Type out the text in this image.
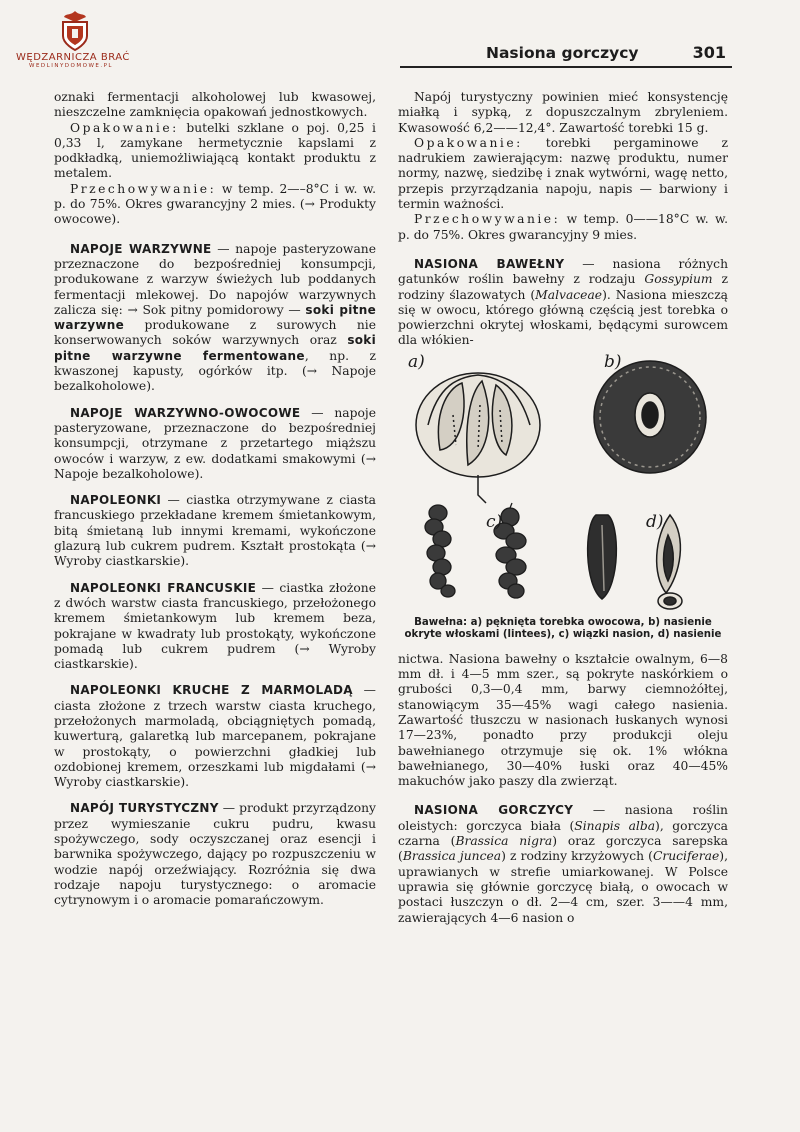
WĘDZARNICZA BRAĆ
WEDLINYDOMOWE.PL
Nasiona gorczycy	301

oznaki fermentacji alkoholowej lub kwasowej, nieszczelne zamknięcia opakowań jednostkowych.

Opakowanie: butelki szklane o poj. 0,25 i 0,33 l, zamykane hermetycznie kapslami z podkładką, uniemożliwiającą kontakt produktu z metalem.

Przechowywanie: w temp. 2—–8°C i w. w. p. do 75%. Okres gwarancyjny 2 mies. (→ Produkty owocowe).

NAPOJE WARZYWNE — napoje pasteryzowane przeznaczone do bezpośredniej konsumpcji, produkowane z warzyw świeżych lub poddanych fermentacji mlekowej. Do napojów warzywnych zalicza się: → Sok pitny pomidorowy — soki pitne warzywne produkowane z surowych nie konserwowanych soków warzywnych oraz soki pitne warzywne fermentowane, np. z kwaszonej kapusty, ogórków itp. (→ Napoje bezalkoholowe).

NAPOJE WARZYWNO-OWOCOWE — napoje pasteryzowane, przeznaczone do bezpośredniej konsumpcji, otrzymane z przetartego miąższu owoców i warzyw, z ew. dodatkami smakowymi (→ Napoje bezalkoholowe).

NAPOLEONKI — ciastka otrzymywane z ciasta francuskiego przekładane kremem śmietankowym, bitą śmietaną lub innymi kremami, wykończone glazurą lub cukrem pudrem. Kształt prostokąta (→ Wyroby ciastkarskie).

NAPOLEONKI FRANCUSKIE — ciastka złożone z dwóch warstw ciasta francuskiego, przełożonego kremem śmietankowym lub kremem beza, pokrajane w kwadraty lub prostokąty, wykończone pomadą lub cukrem pudrem (→ Wyroby ciastkarskie).

NAPOLEONKI KRUCHE Z MARMOLADĄ — ciasta złożone z trzech warstw ciasta kruchego, przełożonych marmoladą, obciągniętych pomadą, kuwerturą, galaretką lub marcepanem, pokrajane w prostokąty, o powierzchni gładkiej lub ozdobionej kremem, orzeszkami lub migdałami (→ Wyroby ciastkarskie).

NAPÓJ TURYSTYCZNY — produkt przyrządzony przez wymieszanie cukru pudru, kwasu spożywczego, sody oczyszczanej oraz esencji i barwnika spożywczego, dający po rozpuszczeniu w wodzie napój orzeźwiający. Rozróżnia się dwa rodzaje napoju turystycznego: o aromacie cytrynowym i o aromacie pomarańczowym.

Napój turystyczny powinien mieć konsystencję miałką i sypką, z dopuszczalnym zbryleniem. Kwasowość 6,2——12,4°. Zawartość torebki 15 g.

Opakowanie: torebki pergaminowe z nadrukiem zawierającym: nazwę produktu, numer normy, nazwę, siedzibę i znak wytwórni, wagę netto, przepis przyrządzania napoju, napis — barwiony i termin ważności.

Przechowywanie: w temp. 0——18°C w. w. p. do 75%. Okres gwarancyjny 9 mies.

NASIONA BAWEŁNY — nasiona różnych gatunków roślin bawełny z rodzaju Gossypium z rodziny ślazowatych (Malvaceae). Nasiona mieszczą się w owocu, którego główną częścią jest torebka o powierzchni okrytej włoskami, będącymi surowcem dla włókien-

a)	b)
c)	d)

Bawełna: a) pęknięta torebka owocowa, b) nasienie okryte włoskami (lintees), c) wiązki nasion, d) nasienie

nictwa. Nasiona bawełny o kształcie owalnym, 6—8 mm dł. i 4—5 mm szer., są pokryte naskórkiem o grubości 0,3—0,4 mm, barwy ciemnożółtej, stanowiącym 35—45% wagi całego nasienia. Zawartość tłuszczu w nasionach łuskanych wynosi 17—23%, ponadto przy produkcji oleju bawełnianego otrzymuje się ok. 1% włókna bawełnianego, 30—40% łuski oraz 40—45% makuchów jako paszy dla zwierząt.

NASIONA GORCZYCY — nasiona roślin oleistych: gorczyca biała (Sinapis alba), gorczyca czarna (Brassica nigra) oraz gorczyca sarepska (Brassica juncea) z rodziny krzyżowych (Cruciferae), uprawianych w strefie umiarkowanej. W Polsce uprawia się głównie gorczycę białą, o owocach w postaci łuszczyn o dł. 2—4 cm, szer. 3——4 mm, zawierających 4—6 nasion o
